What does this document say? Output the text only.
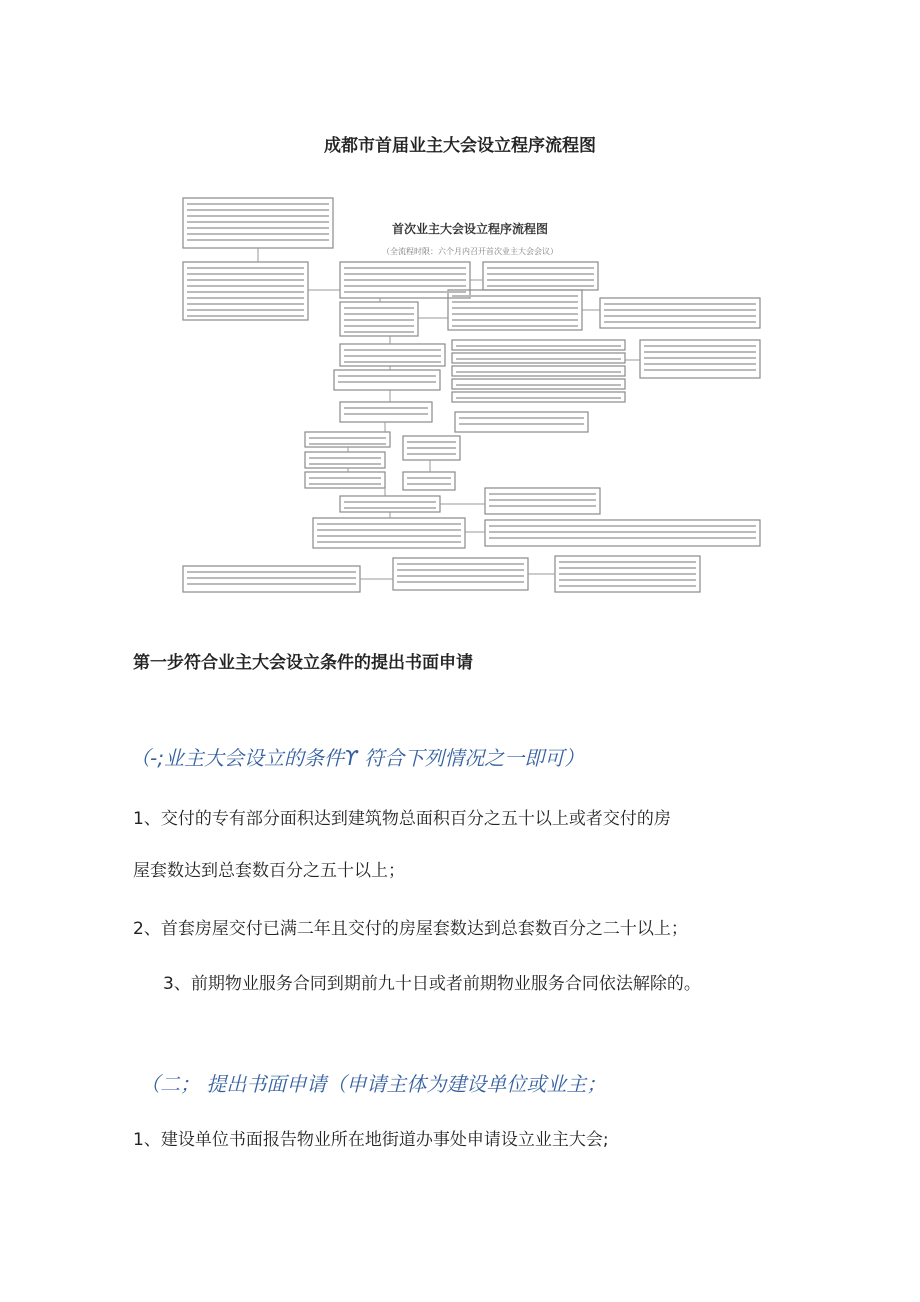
成都市首届业主大会设立程序流程图
首次业主大会设立程序流程图
（全流程时限：六个月内召开首次业主大会会议）
第一步符合业主大会设立条件的提出书面申请
（-;业主大会设立的条件ϒ 符合下列情况之一即可）
1、交付的专有部分面积达到建筑物总面积百分之五十以上或者交付的房
屋套数达到总套数百分之五十以上；
2、首套房屋交付已满二年且交付的房屋套数达到总套数百分之二十以上；
3、前期物业服务合同到期前九十日或者前期物业服务合同依法解除的。
（二； 提出书面申请（申请主体为建设单位或业主；
1、建设单位书面报告物业所在地街道办事处申请设立业主大会;
